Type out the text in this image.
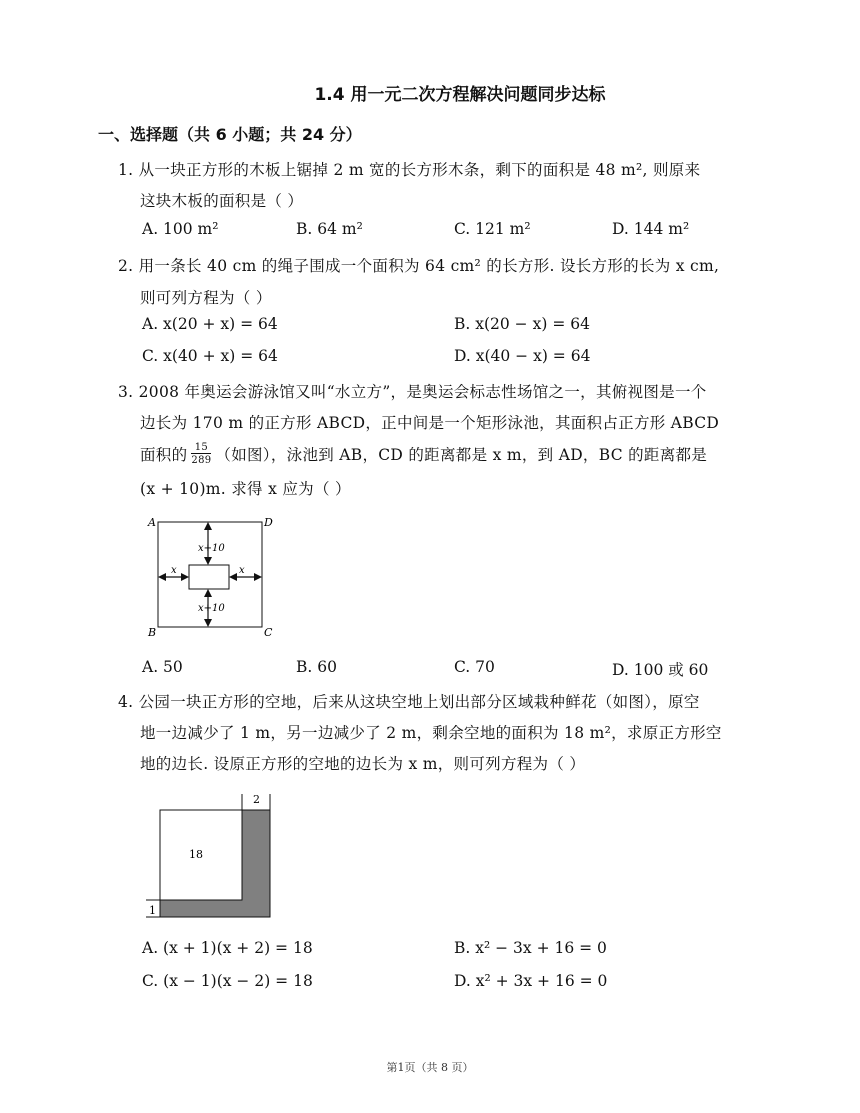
1.4 用一元二次方程解决问题同步达标
一、选择题（共 6 小题；共 24 分）
1. 从一块正方形的木板上锯掉 2 m 宽的长方形木条，剩下的面积是 48 m², 则原来
这块木板的面积是（ ）
A. 100 m²	B. 64 m²	C. 121 m²	D. 144 m²
2. 用一条长 40 cm 的绳子围成一个面积为 64 cm² 的长方形. 设长方形的长为 x cm,
则可列方程为（ ）
A. x(20 + x) = 64	B. x(20 − x) = 64
C. x(40 + x) = 64	D. x(40 − x) = 64
3. 2008 年奥运会游泳馆又叫“水立方”，是奥运会标志性场馆之一，其俯视图是一个
边长为 170 m 的正方形 ABCD，正中间是一个矩形泳池，其面积占正方形 ABCD
面积的 $\frac{15}{289}$ （如图），泳池到 AB，CD 的距离都是 x m，到 AD，BC 的距离都是
(x + 10)m. 求得 x 应为（ ）
A	D
B	C
x+10
x+10
x	x
A. 50	B. 60	C. 70	D. 100 或 60
4. 公园一块正方形的空地，后来从这块空地上划出部分区域栽种鲜花（如图），原空
地一边减少了 1 m，另一边减少了 2 m，剩余空地的面积为 18 m²，求原正方形空
地的边长. 设原正方形的空地的边长为 x m，则可列方程为（ ）
18
2
1
A. (x + 1)(x + 2) = 18	B. x² − 3x + 16 = 0
C. (x − 1)(x − 2) = 18	D. x² + 3x + 16 = 0
第1页（共 8 页）
